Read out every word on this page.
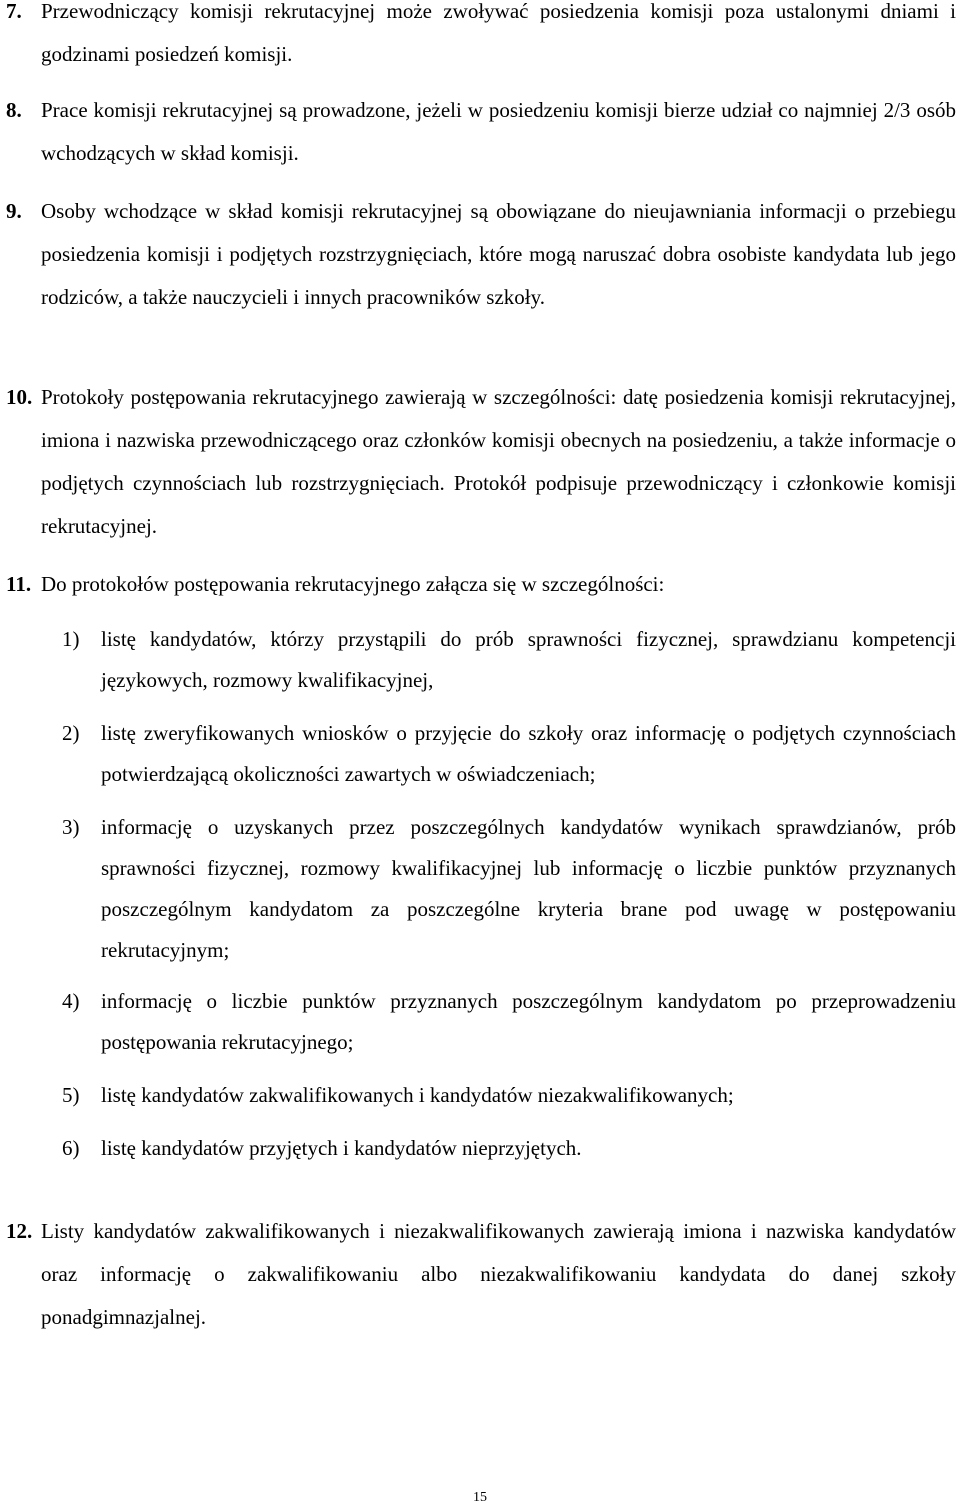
7. Przewodniczący komisji rekrutacyjnej może zwoływać posiedzenia komisji poza ustalonymi dniami i godzinami posiedzeń komisji.
8. Prace komisji rekrutacyjnej są prowadzone, jeżeli w posiedzeniu komisji bierze udział co najmniej 2/3 osób wchodzących w skład komisji.
9. Osoby wchodzące w skład komisji rekrutacyjnej są obowiązane do nieujawniania informacji o przebiegu posiedzenia komisji i podjętych rozstrzygnięciach, które mogą naruszać dobra osobiste kandydata lub jego rodziców, a także nauczycieli i innych pracowników szkoły.
10. Protokoły postępowania rekrutacyjnego zawierają w szczególności: datę posiedzenia komisji rekrutacyjnej, imiona i nazwiska przewodniczącego oraz członków komisji obecnych na posiedzeniu, a także informacje o podjętych czynnościach lub rozstrzygnięciach. Protokół podpisuje przewodniczący i członkowie komisji rekrutacyjnej.
11. Do protokołów postępowania rekrutacyjnego załącza się w szczególności:
1) listę kandydatów, którzy przystąpili do prób sprawności fizycznej, sprawdzianu kompetencji językowych, rozmowy kwalifikacyjnej,
2) listę zweryfikowanych wniosków o przyjęcie do szkoły oraz informację o podjętych czynnościach potwierdzającą okoliczności zawartych w oświadczeniach;
3) informację o uzyskanych przez poszczególnych kandydatów wynikach sprawdzianów, prób sprawności fizycznej, rozmowy kwalifikacyjnej lub informację o liczbie punktów przyznanych poszczególnym kandydatom za poszczególne kryteria brane pod uwagę w postępowaniu rekrutacyjnym;
4) informację o liczbie punktów przyznanych poszczególnym kandydatom po przeprowadzeniu postępowania rekrutacyjnego;
5) listę kandydatów zakwalifikowanych i kandydatów niezakwalifikowanych;
6) listę kandydatów przyjętych i kandydatów nieprzyjętych.
12. Listy kandydatów zakwalifikowanych i niezakwalifikowanych zawierają imiona i nazwiska kandydatów oraz informację o zakwalifikowaniu albo niezakwalifikowaniu kandydata do danej szkoły ponadgimnazjalnej.
15
